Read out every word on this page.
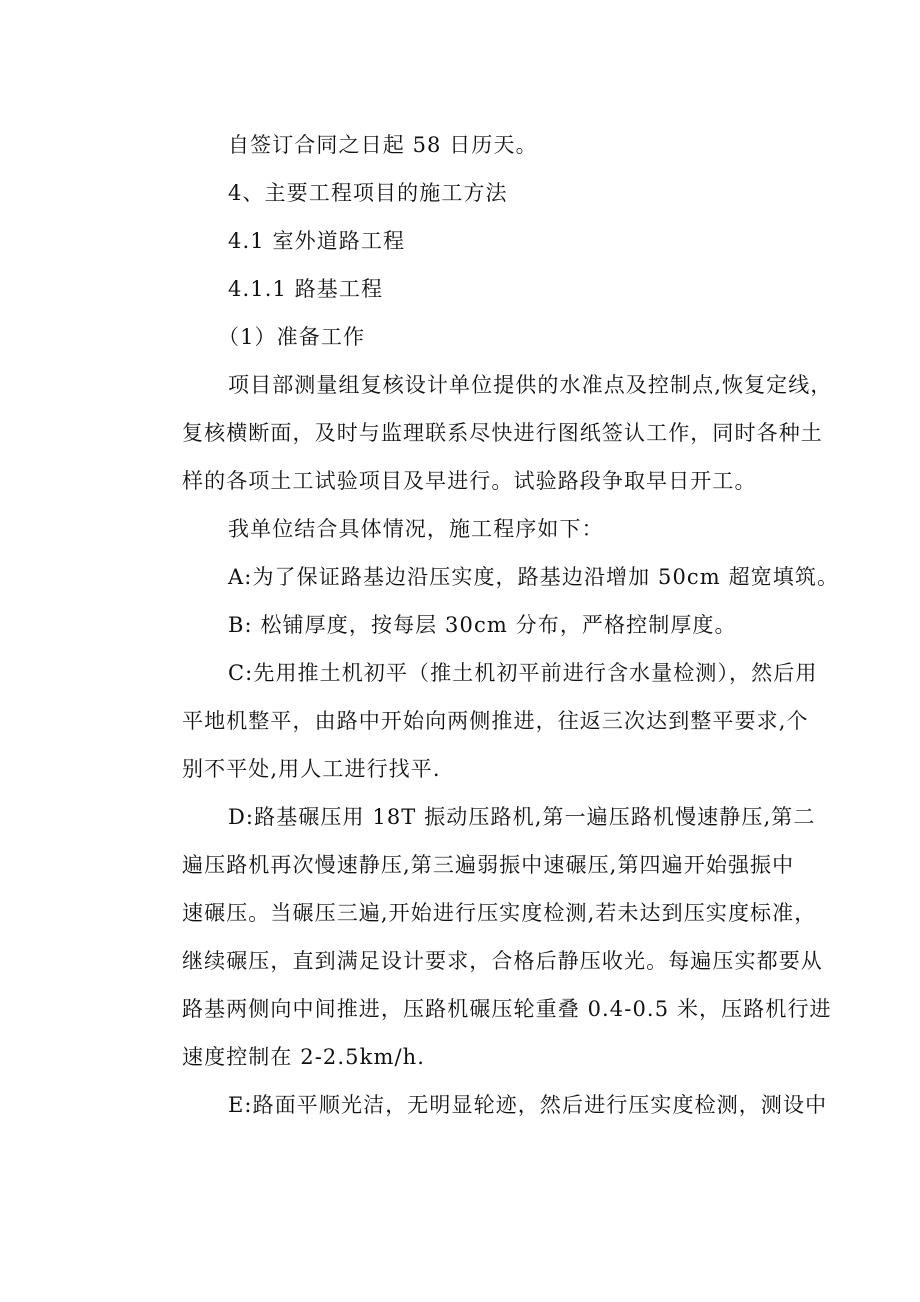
自签订合同之日起 58 日历天。
4、主要工程项目的施工方法
4.1 室外道路工程
4.1.1 路基工程
（1）准备工作
项目部测量组复核设计单位提供的水准点及控制点,恢复定线，
复核横断面，及时与监理联系尽快进行图纸签认工作，同时各种土
样的各项土工试验项目及早进行。试验路段争取早日开工。
我单位结合具体情况，施工程序如下：
A:为了保证路基边沿压实度，路基边沿增加 50cm 超宽填筑。
B: 松铺厚度，按每层 30cm 分布，严格控制厚度。
C:先用推土机初平（推土机初平前进行含水量检测），然后用
平地机整平，由路中开始向两侧推进，往返三次达到整平要求,个
别不平处,用人工进行找平.
D:路基碾压用 18T 振动压路机,第一遍压路机慢速静压,第二
遍压路机再次慢速静压,第三遍弱振中速碾压,第四遍开始强振中
速碾压。当碾压三遍,开始进行压实度检测,若未达到压实度标准，
继续碾压，直到满足设计要求，合格后静压收光。每遍压实都要从
路基两侧向中间推进，压路机碾压轮重叠 0.4-0.5 米，压路机行进
速度控制在 2-2.5km/h.
E:路面平顺光洁，无明显轮迹，然后进行压实度检测，测设中
